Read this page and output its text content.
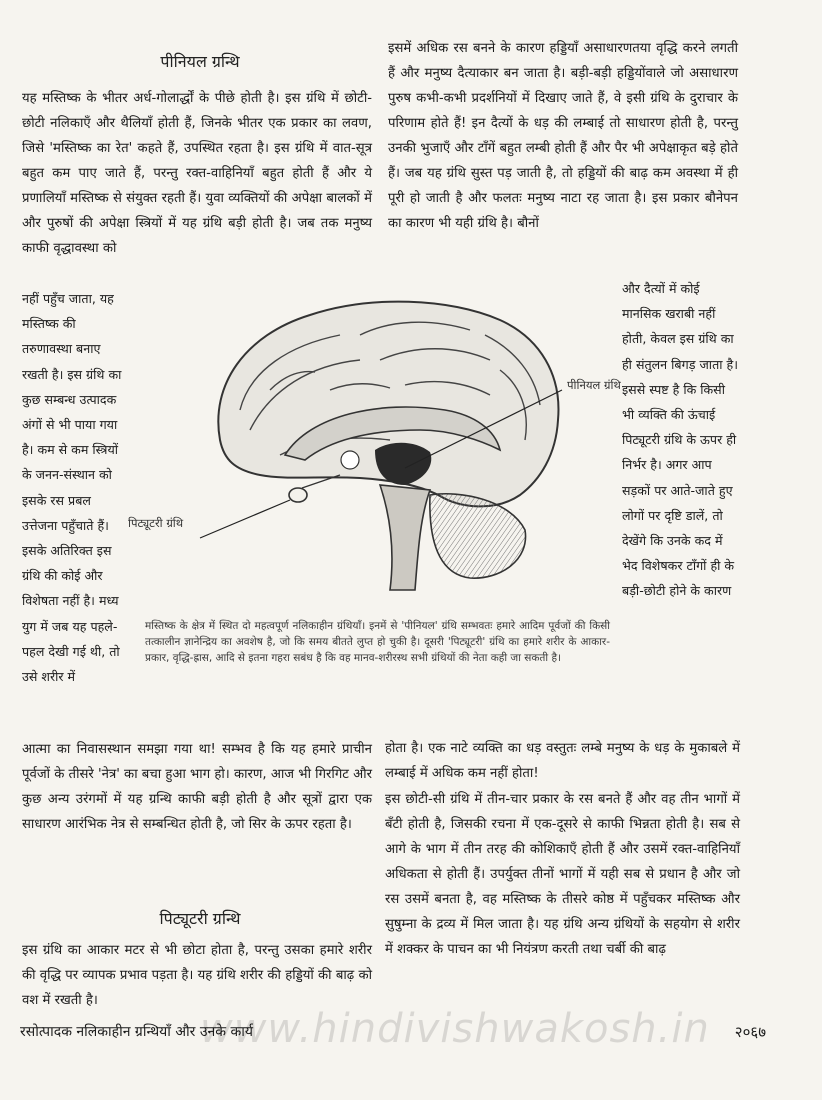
पीनियल ग्रन्थि

यह मस्तिष्क के भीतर अर्ध-गोलार्द्धों के पीछे होती है। इस ग्रंथि में छोटी-छोटी नलिकाएँ और थैलियाँ होती हैं, जिनके भीतर एक प्रकार का लवण, जिसे 'मस्तिष्क का रेत' कहते हैं, उपस्थित रहता है। इस ग्रंथि में वात-सूत्र बहुत कम पाए जाते हैं, परन्तु रक्त-वाहिनियाँ बहुत होती हैं और ये प्रणालियाँ मस्तिष्क से संयुक्त रहती हैं। युवा व्यक्तियों की अपेक्षा बालकों में और पुरुषों की अपेक्षा स्त्रियों में यह ग्रंथि बड़ी होती है। जब तक मनुष्य काफी वृद्धावस्था को

नहीं पहुँच जाता, यह मस्तिष्क की तरुणावस्था बनाए रखती है। इस ग्रंथि का कुछ सम्बन्ध उत्पादक अंगों से भी पाया गया है। कम से कम स्त्रियों के जनन-संस्थान को इसके रस प्रबल उत्तेजना पहुँचाते हैं। इसके अतिरिक्त इस ग्रंथि की कोई और विशेषता नहीं है। मध्य युग में जब यह पहले-पहल देखी गई थी, तो उसे शरीर में

आत्मा का निवासस्थान समझा गया था! सम्भव है कि यह हमारे प्राचीन पूर्वजों के तीसरे 'नेत्र' का बचा हुआ भाग हो। कारण, आज भी गिरगिट और कुछ अन्य उरंगमों में यह ग्रन्थि काफी बड़ी होती है और सूत्रों द्वारा एक साधारण आरंभिक नेत्र से सम्बन्धित होती है, जो सिर के ऊपर रहता है।

पिट्यूटरी ग्रन्थि

इस ग्रंथि का आकार मटर से भी छोटा होता है, परन्तु उसका हमारे शरीर की वृद्धि पर व्यापक प्रभाव पड़ता है। यह ग्रंथि शरीर की हड्डियों की बाढ़ को वश में रखती है।

इसमें अधिक रस बनने के कारण हड्डियाँ असाधारणतया वृद्धि करने लगती हैं और मनुष्य दैत्याकार बन जाता है। बड़ी-बड़ी हड्डियोंवाले जो असाधारण पुरुष कभी-कभी प्रदर्शनियों में दिखाए जाते हैं, वे इसी ग्रंथि के दुराचार के परिणाम होते हैं! इन दैत्यों के धड़ की लम्बाई तो साधारण होती है, परन्तु उनकी भुजाएँ और टाँगें बहुत लम्बी होती हैं और पैर भी अपेक्षाकृत बड़े होते हैं। जब यह ग्रंथि सुस्त पड़ जाती है, तो हड्डियों की बाढ़ कम अवस्था में ही पूरी हो जाती है और फलतः मनुष्य नाटा रह जाता है। इस प्रकार बौनेपन का कारण भी यही ग्रंथि है। बौनों

और दैत्यों में कोई मानसिक खराबी नहीं होती, केवल इस ग्रंथि का ही संतुलन बिगड़ जाता है। इससे स्पष्ट है कि किसी भी व्यक्ति की ऊंचाई पिट्यूटरी ग्रंथि के ऊपर ही निर्भर है। अगर आप सड़कों पर आते-जाते हुए लोगों पर दृष्टि डालें, तो देखेंगे कि उनके कद में भेद विशेषकर टाँगों ही के बड़ी-छोटी होने के कारण

होता है। एक नाटे व्यक्ति का धड़ वस्तुतः लम्बे मनुष्य के धड़ के मुकाबले में लम्बाई में अधिक कम नहीं होता!

इस छोटी-सी ग्रंथि में तीन-चार प्रकार के रस बनते हैं और वह तीन भागों में बँटी होती है, जिसकी रचना में एक-दूसरे से काफी भिन्नता होती है। सब से आगे के भाग में तीन तरह की कोशिकाएँ होती हैं और उसमें रक्त-वाहिनियाँ अधिकता से होती हैं। उपर्युक्त तीनों भागों में यही सब से प्रधान है और जो रस उसमें बनता है, वह मस्तिष्क के तीसरे कोष्ठ में पहुँचकर मस्तिष्क और सुषुम्ना के द्रव्य में मिल जाता है। यह ग्रंथि अन्य ग्रंथियों के सहयोग से शरीर में शक्कर के पाचन का भी नियंत्रण करती तथा चर्बी की बाढ़

पीनियल ग्रंथि

पिट्यूटरी ग्रंथि

मस्तिष्क के क्षेत्र में स्थित दो महत्वपूर्ण नलिकाहीन ग्रंथियाँ। इनमें से 'पीनियल' ग्रंथि सम्भवतः हमारे आदिम पूर्वजों की किसी तत्कालीन ज्ञानेन्द्रिय का अवशेष है, जो कि समय बीतते लुप्त हो चुकी है। दूसरी 'पिट्यूटरी' ग्रंथि का हमारे शरीर के आकार-प्रकार, वृद्धि-ह्रास, आदि से इतना गहरा सबंध है कि वह मानव-शरीरस्थ सभी ग्रंथियों की नेता कही जा सकती है।

रसोत्पादक नलिकाहीन ग्रन्थियाँ और उनके कार्य	२०६७

www.hindivishwakosh.in
